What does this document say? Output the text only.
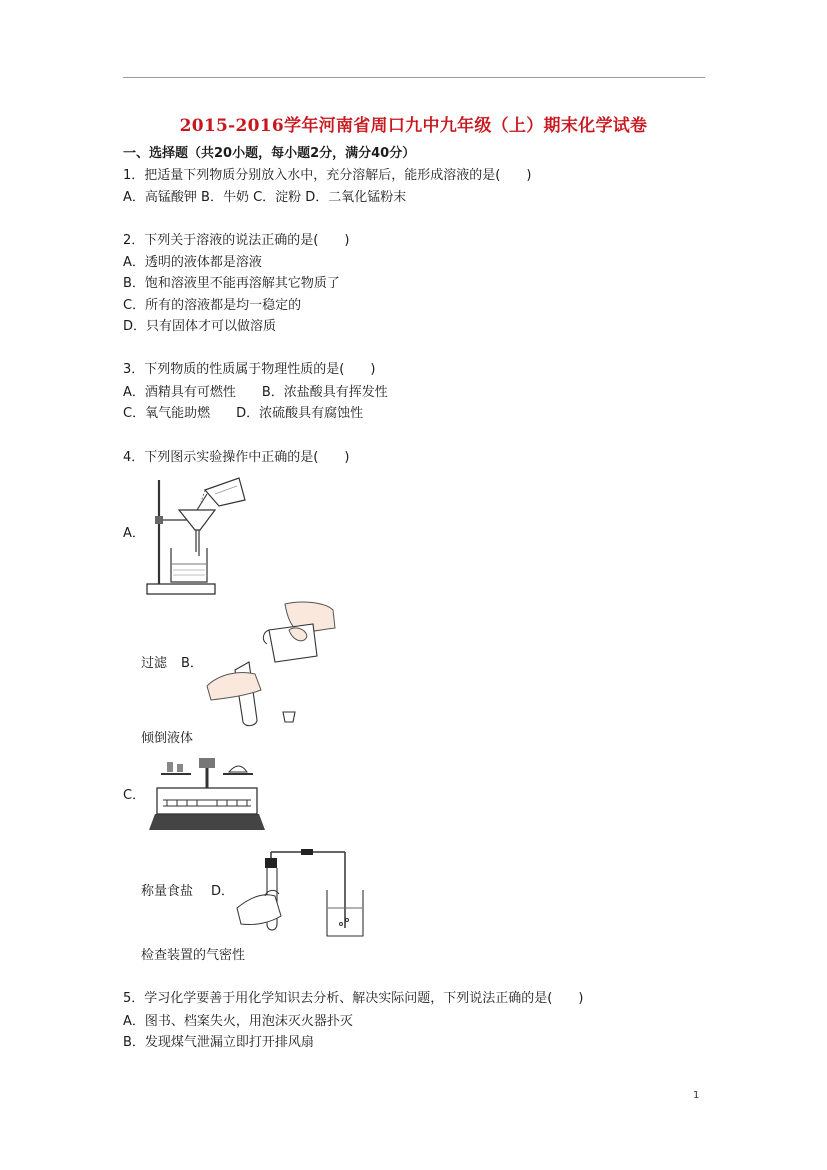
2015-2016学年河南省周口九中九年级（上）期末化学试卷
一、选择题（共20小题，每小题2分，满分40分）
1．把适量下列物质分别放入水中，充分溶解后，能形成溶液的是(　　)
A．高锰酸钾 B．牛奶 C．淀粉 D．二氧化锰粉末
2．下列关于溶液的说法正确的是(　　)
A．透明的液体都是溶液
B．饱和溶液里不能再溶解其它物质了
C．所有的溶液都是均一稳定的
D．只有固体才可以做溶质
3．下列物质的性质属于物理性质的是(　　)
A．酒精具有可燃性　　B．浓盐酸具有挥发性
C．氧气能助燃　　D．浓硫酸具有腐蚀性
4．下列图示实验操作中正确的是(　　)
A．
过滤 B．
倾倒液体
C．
称量食盐 D．
检查装置的气密性
5．学习化学要善于用化学知识去分析、解决实际问题，下列说法正确的是(　　)
A．图书、档案失火，用泡沫灭火器扑灭
B．发现煤气泄漏立即打开排风扇
1
